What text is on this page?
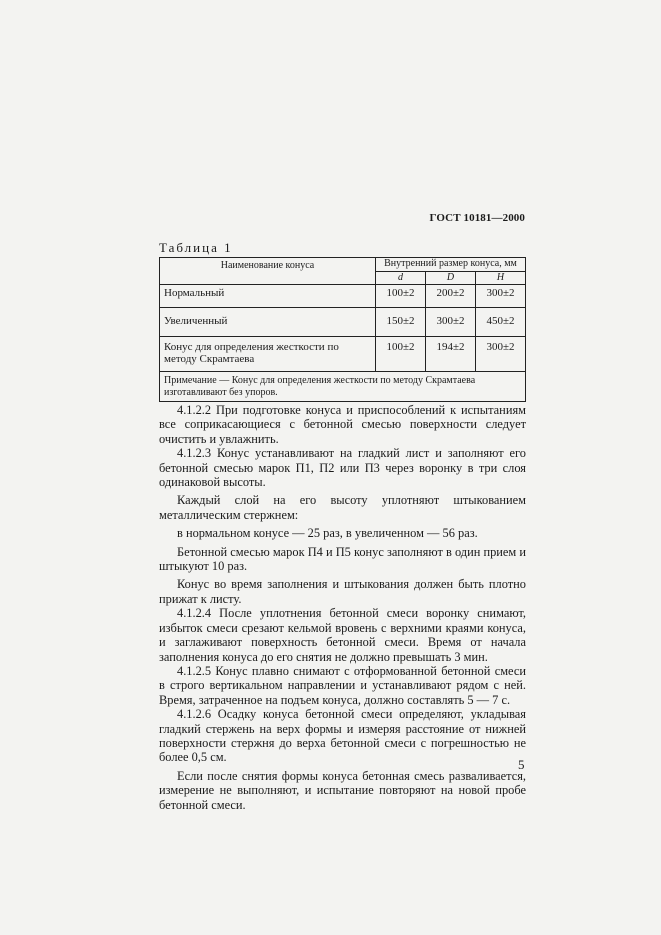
ГОСТ 10181—2000
Таблица 1
Наименование конуса	Внутренний размер конуса, мм		
	d	D	H
Нормальный	100±2	200±2	300±2
Увеличенный	150±2	300±2	450±2
Конус для определения жесткости по методу Скрамтаева	100±2	194±2	300±2
Примечание — Конус для определения жесткости по методу Скрамтаева изготавливают без упоров.			

4.1.2.2 При подготовке конуса и приспособлений к испытаниям все соприкасающиеся с бетонной смесью поверхности следует очистить и увлажнить.

4.1.2.3 Конус устанавливают на гладкий лист и заполняют его бетонной смесью марок П1, П2 или П3 через воронку в три слоя одинаковой высоты.

Каждый слой на его высоту уплотняют штыкованием металлическим стержнем:

в нормальном конусе — 25 раз, в увеличенном — 56 раз.

Бетонной смесью марок П4 и П5 конус заполняют в один прием и штыкуют 10 раз.

Конус во время заполнения и штыкования должен быть плотно прижат к листу.

4.1.2.4 После уплотнения бетонной смеси воронку снимают, избыток смеси срезают кельмой вровень с верхними краями конуса, и заглаживают поверхность бетонной смеси. Время от начала заполнения конуса до его снятия не должно превышать 3 мин.

4.1.2.5 Конус плавно снимают с отформованной бетонной смеси в строго вертикальном направлении и устанавливают рядом с ней. Время, затраченное на подъем конуса, должно составлять 5 — 7 с.

4.1.2.6 Осадку конуса бетонной смеси определяют, укладывая гладкий стержень на верх формы и измеряя расстояние от нижней поверхности стержня до верха бетонной смеси с погрешностью не более 0,5 см.

Если после снятия формы конуса бетонная смесь разваливается, измерение не выполняют, и испытание повторяют на новой пробе бетонной смеси.

5
